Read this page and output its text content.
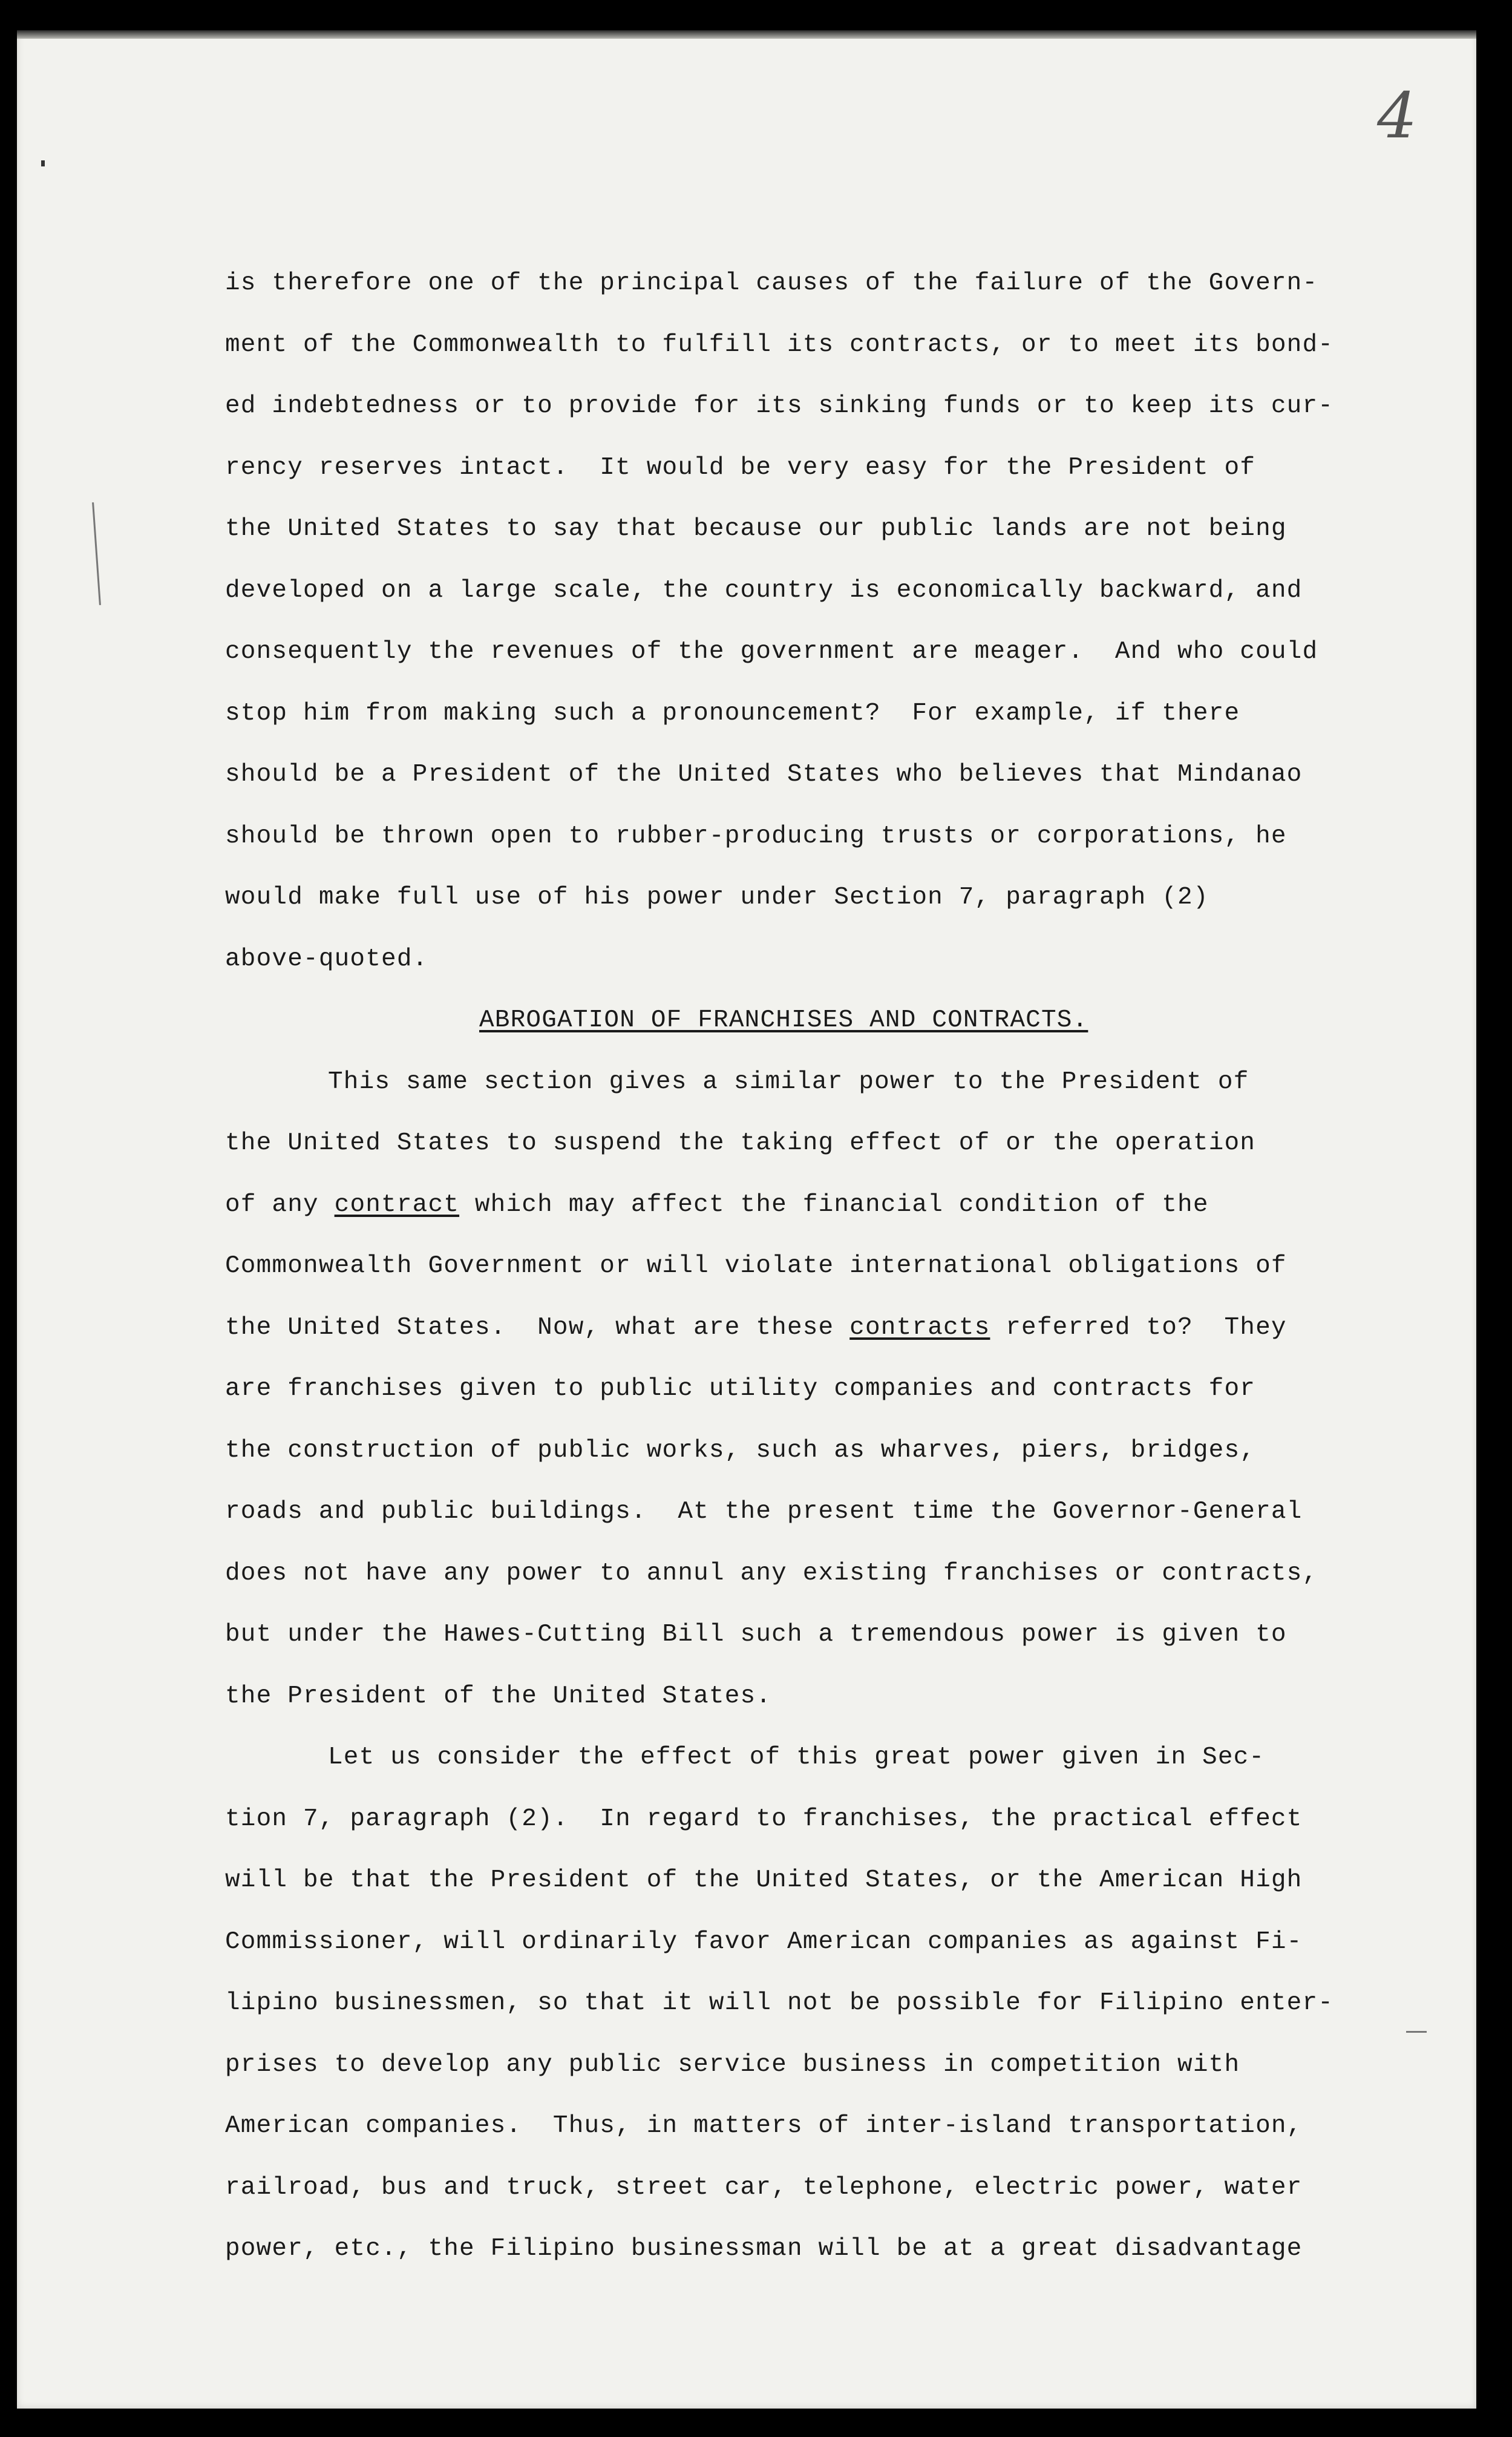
4
is therefore one of the principal causes of the failure of the Govern-
ment of the Commonwealth to fulfill its contracts, or to meet its bond-
ed indebtedness or to provide for its sinking funds or to keep its cur-
rency reserves intact.  It would be very easy for the President of
the United States to say that because our public lands are not being
developed on a large scale, the country is economically backward, and
consequently the revenues of the government are meager.  And who could
stop him from making such a pronouncement?  For example, if there
should be a President of the United States who believes that Mindanao
should be thrown open to rubber-producing trusts or corporations, he
would make full use of his power under Section 7, paragraph (2)
above-quoted.
ABROGATION OF FRANCHISES AND CONTRACTS.
This same section gives a similar power to the President of
the United States to suspend the taking effect of or the operation
of any contract which may affect the financial condition of the
Commonwealth Government or will violate international obligations of
the United States.  Now, what are these contracts referred to?  They
are franchises given to public utility companies and contracts for
the construction of public works, such as wharves, piers, bridges,
roads and public buildings.  At the present time the Governor-General
does not have any power to annul any existing franchises or contracts,
but under the Hawes-Cutting Bill such a tremendous power is given to
the President of the United States.
Let us consider the effect of this great power given in Sec-
tion 7, paragraph (2).  In regard to franchises, the practical effect
will be that the President of the United States, or the American High
Commissioner, will ordinarily favor American companies as against Fi-
lipino businessmen, so that it will not be possible for Filipino enter-
prises to develop any public service business in competition with
American companies.  Thus, in matters of inter-island transportation,
railroad, bus and truck, street car, telephone, electric power, water
power, etc., the Filipino businessman will be at a great disadvantage
